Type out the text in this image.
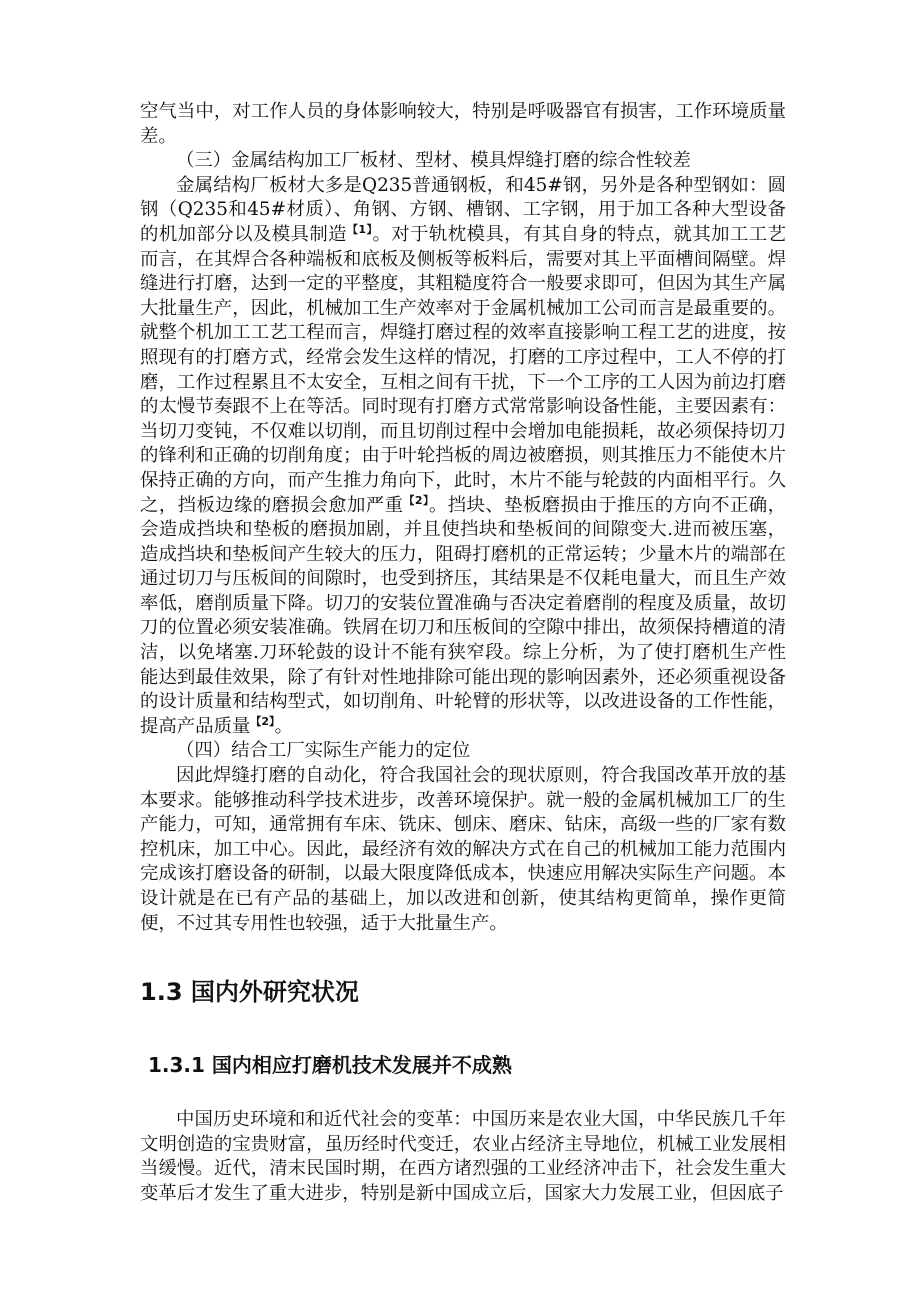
空气当中，对工作人员的身体影响较大，特别是呼吸器官有损害，工作环境质量差。

（三）金属结构加工厂板材、型材、模具焊缝打磨的综合性较差

金属结构厂板材大多是Q235普通钢板，和45#钢，另外是各种型钢如：圆钢（Q235和45#材质）、角钢、方钢、槽钢、工字钢，用于加工各种大型设备的机加部分以及模具制造$^{【1】}$。对于轨枕模具，有其自身的特点，就其加工工艺而言，在其焊合各种端板和底板及侧板等板料后，需要对其上平面槽间隔壁。焊缝进行打磨，达到一定的平整度，其粗糙度符合一般要求即可，但因为其生产属大批量生产，因此，机械加工生产效率对于金属机械加工公司而言是最重要的。就整个机加工工艺工程而言，焊缝打磨过程的效率直接影响工程工艺的进度，按照现有的打磨方式，经常会发生这样的情况，打磨的工序过程中，工人不停的打磨，工作过程累且不太安全，互相之间有干扰，下一个工序的工人因为前边打磨的太慢节奏跟不上在等活。同时现有打磨方式常常影响设备性能，主要因素有：当切刀变钝，不仅难以切削，而且切削过程中会增加电能损耗，故必须保持切刀的锋利和正确的切削角度；由于叶轮挡板的周边被磨损，则其推压力不能使木片保持正确的方向，而产生推力角向下，此时，木片不能与轮鼓的内面相平行。久之，挡板边缘的磨损会愈加严重$^{【2】}$。挡块、垫板磨损由于推压的方向不正确，会造成挡块和垫板的磨损加剧，并且使挡块和垫板间的间隙变大.进而被压塞，造成挡块和垫板间产生较大的压力，阻碍打磨机的正常运转；少量木片的端部在通过切刀与压板间的间隙时，也受到挤压，其结果是不仅耗电量大，而且生产效率低，磨削质量下降。切刀的安装位置准确与否决定着磨削的程度及质量，故切刀的位置必须安装准确。铁屑在切刀和压板间的空隙中排出，故须保持槽道的清洁，以免堵塞.刀环轮鼓的设计不能有狭窄段。综上分析，为了使打磨机生产性能达到最佳效果，除了有针对性地排除可能出现的影响因素外，还必须重视设备的设计质量和结构型式，如切削角、叶轮臂的形状等，以改进设备的工作性能，提高产品质量$^{【2】}$。

（四）结合工厂实际生产能力的定位

因此焊缝打磨的自动化，符合我国社会的现状原则，符合我国改革开放的基本要求。能够推动科学技术进步，改善环境保护。就一般的金属机械加工厂的生产能力，可知，通常拥有车床、铣床、刨床、磨床、钻床，高级一些的厂家有数控机床，加工中心。因此，最经济有效的解决方式在自己的机械加工能力范围内完成该打磨设备的研制，以最大限度降低成本，快速应用解决实际生产问题。本设计就是在已有产品的基础上，加以改进和创新，使其结构更简单，操作更简便，不过其专用性也较强，适于大批量生产。

1.3 国内外研究状况
1.3.1 国内相应打磨机技术发展并不成熟

中国历史环境和和近代社会的变革：中国历来是农业大国，中华民族几千年文明创造的宝贵财富，虽历经时代变迁，农业占经济主导地位，机械工业发展相当缓慢。近代，清末民国时期，在西方诸烈强的工业经济冲击下，社会发生重大变革后才发生了重大进步，特别是新中国成立后，国家大力发展工业，但因底子
